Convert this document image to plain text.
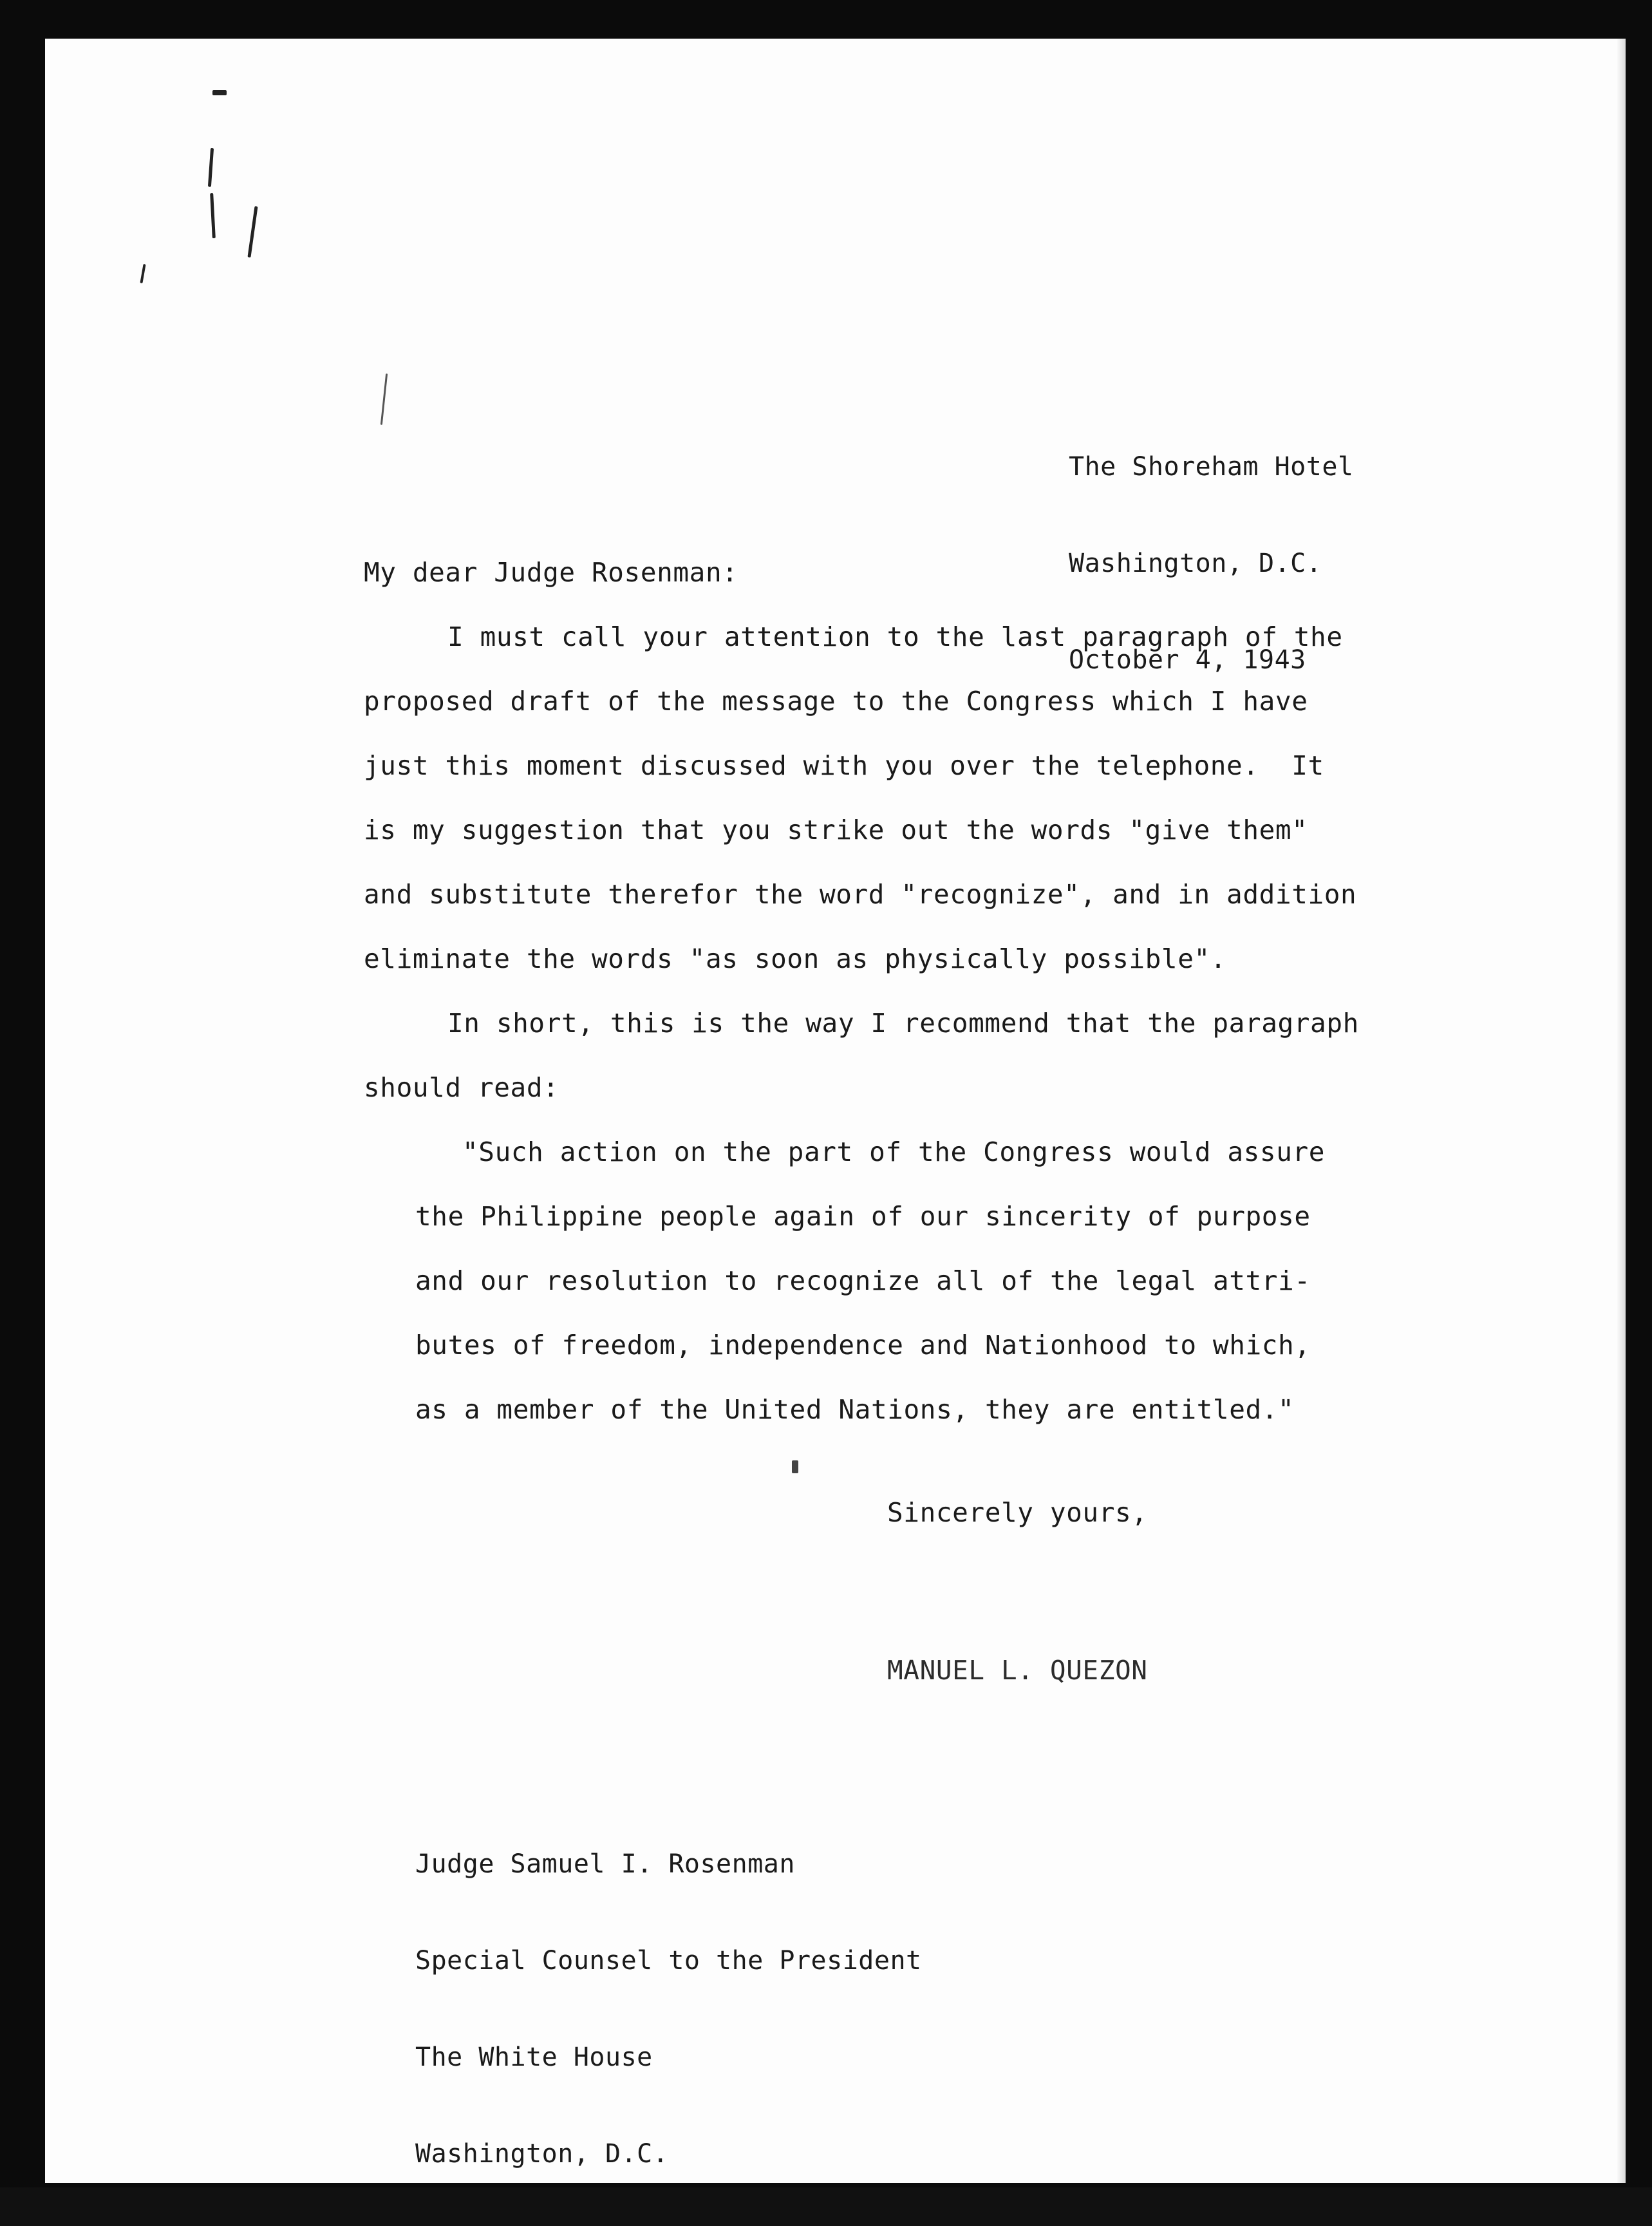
The Shoreham Hotel

Washington, D.C.

October 4, 1943

My dear Judge Rosenman:
I must call your attention to the last paragraph of the
proposed draft of the message to the Congress which I have
just this moment discussed with you over the telephone.  It
is my suggestion that you strike out the words "give them"
and substitute therefor the word "recognize", and in addition
eliminate the words "as soon as physically possible".
In short, this is the way I recommend that the paragraph
should read:
"Such action on the part of the Congress would assure
the Philippine people again of our sincerity of purpose
and our resolution to recognize all of the legal attri-
butes of freedom, independence and Nationhood to which,
as a member of the United Nations, they are entitled."
Sincerely yours,
MANUEL L. QUEZON

Judge Samuel I. Rosenman

Special Counsel to the President

The White House

Washington, D.C.
